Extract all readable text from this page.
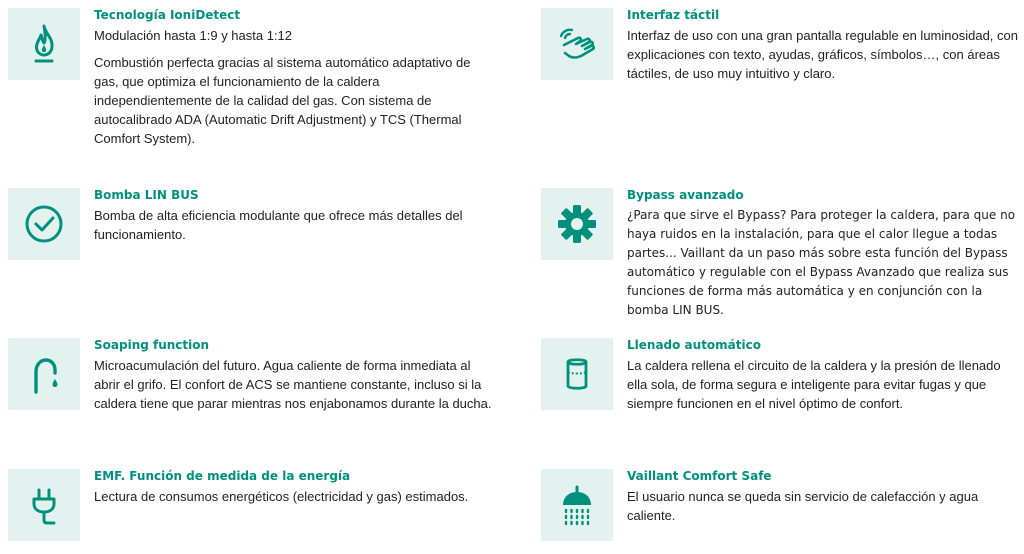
Tecnología IoniDetect

Modulación hasta 1:9 y hasta 1:12

Combustión perfecta gracias al sistema automático adaptativo de gas, que optimiza el funcionamiento de la caldera independientemente de la calidad del gas. Con sistema de autocalibrado ADA (Automatic Drift Adjustment) y TCS (Thermal Comfort System).

Interfaz táctil

Interfaz de uso con una gran pantalla regulable en luminosidad, con explicaciones con texto, ayudas, gráficos, símbolos…, con áreas táctiles, de uso muy intuitivo y claro.

Bomba LIN BUS

Bomba de alta eficiencia modulante que ofrece más detalles del funcionamiento.

Bypass avanzado

¿Para que sirve el Bypass? Para proteger la caldera, para que no haya ruidos en la instalación, para que el calor llegue a todas partes... Vaillant da un paso más sobre esta función del Bypass automático y regulable con el Bypass Avanzado que realiza sus funciones de forma más automática y en conjunción con la bomba LIN BUS.

Soaping function

Microacumulación del futuro. Agua caliente de forma inmediata al abrir el grifo. El confort de ACS se mantiene constante, incluso si la caldera tiene que parar mientras nos enjabonamos durante la ducha.

Llenado automático

La caldera rellena el circuito de la caldera y la presión de llenado ella sola, de forma segura e inteligente para evitar fugas y que siempre funcionen en el nivel óptimo de confort.

EMF. Función de medida de la energía

Lectura de consumos energéticos (electricidad y gas) estimados.

Vaillant Comfort Safe

El usuario nunca se queda sin servicio de calefacción y agua caliente.
